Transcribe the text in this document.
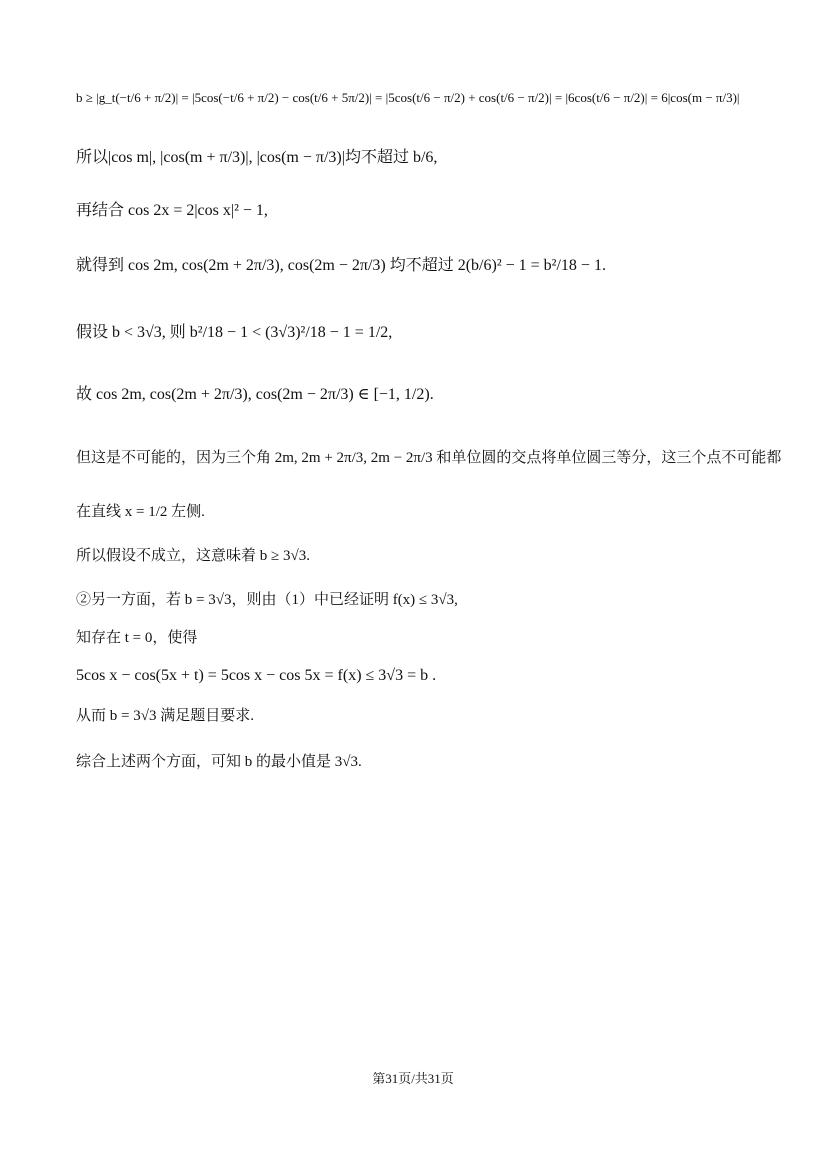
b ≥ |g_t(−t/6 + π/2)| = |5cos(−t/6 + π/2) − cos(t/6 + 5π/2)| = |5cos(t/6 − π/2) + cos(t/6 − π/2)| = |6cos(t/6 − π/2)| = 6|cos(m − π/3)|
所以|cos m|, |cos(m + π/3)|, |cos(m − π/3)|均不超过 b/6,
再结合 cos 2x = 2|cos x|² − 1,
就得到 cos 2m, cos(2m + 2π/3), cos(2m − 2π/3) 均不超过 2(b/6)² − 1 = b²/18 − 1.
假设 b < 3√3, 则 b²/18 − 1 < (3√3)²/18 − 1 = 1/2,
故 cos 2m, cos(2m + 2π/3), cos(2m − 2π/3) ∈ [−1, 1/2).
但这是不可能的，因为三个角 2m, 2m + 2π/3, 2m − 2π/3 和单位圆的交点将单位圆三等分，这三个点不可能都
在直线 x = 1/2 左侧.
所以假设不成立，这意味着 b ≥ 3√3.
②另一方面，若 b = 3√3，则由（1）中已经证明 f(x) ≤ 3√3,
知存在 t = 0，使得
5cos x − cos(5x + t) = 5cos x − cos 5x = f(x) ≤ 3√3 = b .
从而 b = 3√3 满足题目要求.
综合上述两个方面，可知 b 的最小值是 3√3.
第31页/共31页
